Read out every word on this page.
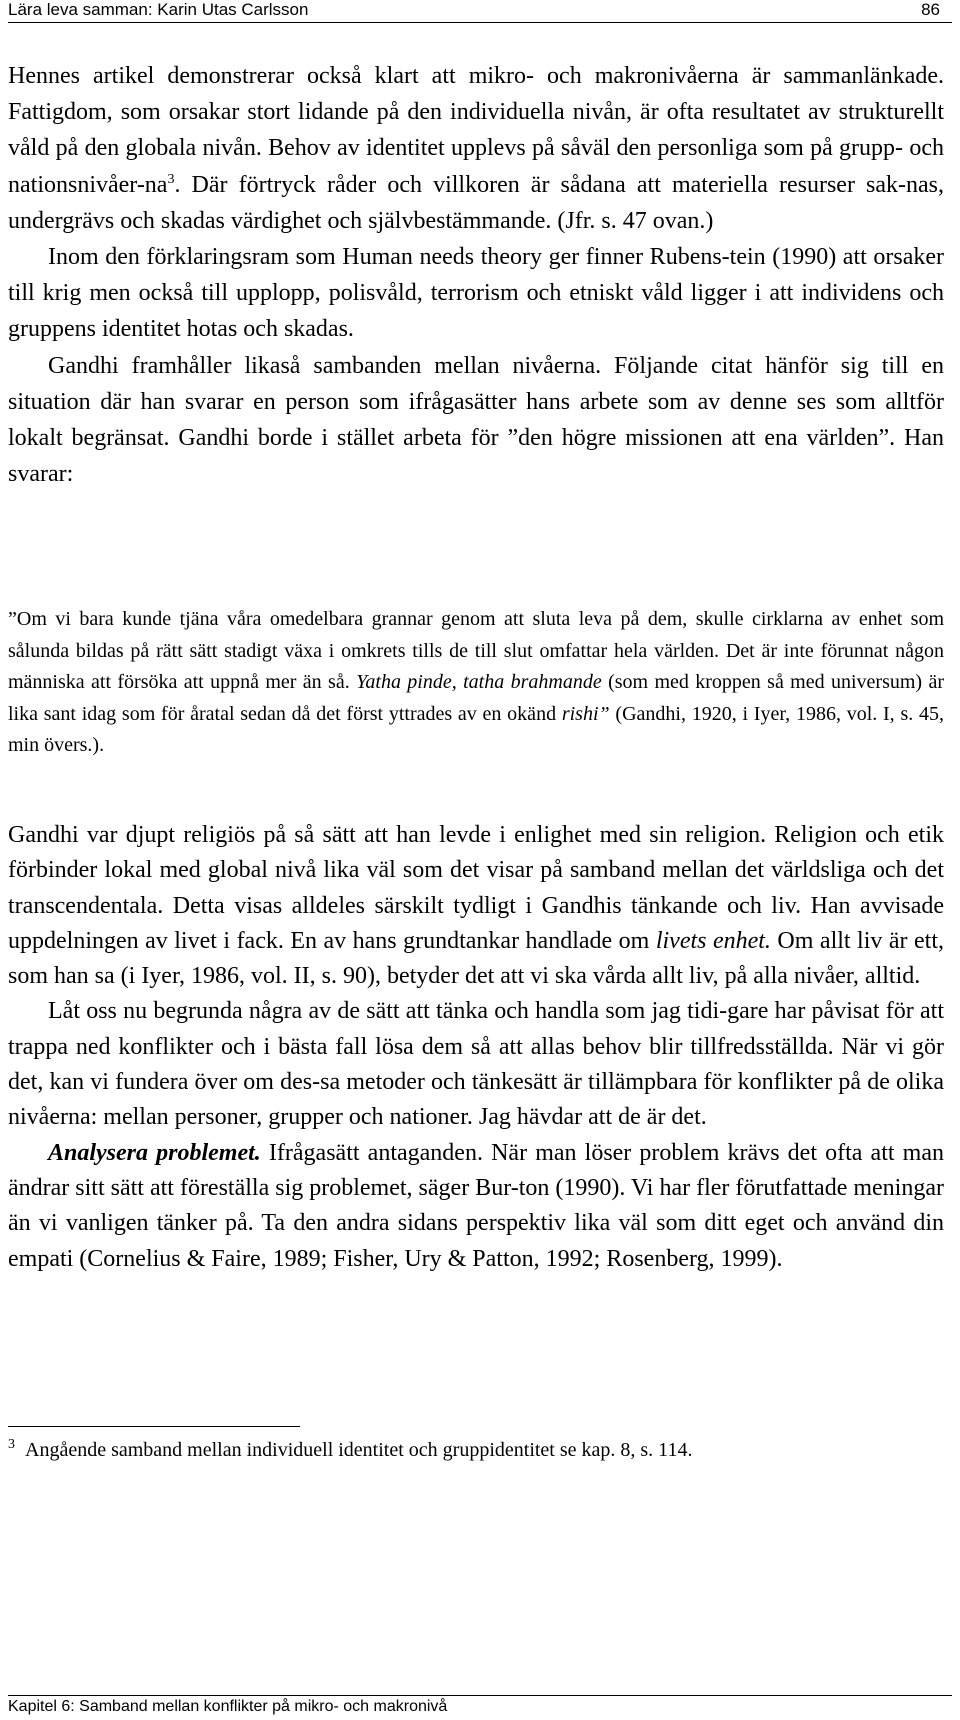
Lära leva samman: Karin Utas Carlsson	86

Hennes artikel demonstrerar också klart att mikro- och makronivåerna är sammanlänkade. Fattigdom, som orsakar stort lidande på den individuella nivån, är ofta resultatet av strukturellt våld på den globala nivån. Behov av identitet upplevs på såväl den personliga som på grupp- och nationsnivåer-$na^3$. Där förtryck råder och villkoren är sådana att materiella resurser sak-nas, undergrävs och skadas värdighet och självbestämmande. (Jfr. s. 47 ovan.)

Inom den förklaringsram som Human needs theory ger finner Rubens-tein (1990) att orsaker till krig men också till upplopp, polisvåld, terrorism och etniskt våld ligger i att individens och gruppens identitet hotas och skadas.

Gandhi framhåller likaså sambanden mellan nivåerna. Följande citat hänför sig till en situation där han svarar en person som ifrågasätter hans arbete som av denne ses som alltför lokalt begränsat. Gandhi borde i stället arbeta för ”den högre missionen att ena världen”. Han svarar:

”Om vi bara kunde tjäna våra omedelbara grannar genom att sluta leva på dem, skulle cirklarna av enhet som sålunda bildas på rätt sätt stadigt växa i omkrets tills de till slut omfattar hela världen. Det är inte förunnat någon människa att försöka att uppnå mer än så. Yatha pinde, tatha brahmande (som med kroppen så med universum) är lika sant idag som för åratal sedan då det först yttrades av en okänd rishi” (Gandhi, 1920, i Iyer, 1986, vol. I, s. 45, min övers.).

Gandhi var djupt religiös på så sätt att han levde i enlighet med sin religion. Religion och etik förbinder lokal med global nivå lika väl som det visar på samband mellan det världsliga och det transcendentala. Detta visas alldeles särskilt tydligt i Gandhis tänkande och liv. Han avvisade uppdelningen av livet i fack. En av hans grundtankar handlade om livets enhet. Om allt liv är ett, som han sa (i Iyer, 1986, vol. II, s. 90), betyder det att vi ska vårda allt liv, på alla nivåer, alltid.

Låt oss nu begrunda några av de sätt att tänka och handla som jag tidi-gare har påvisat för att trappa ned konflikter och i bästa fall lösa dem så att allas behov blir tillfredsställda. När vi gör det, kan vi fundera över om des-sa metoder och tänkesätt är tillämpbara för konflikter på de olika nivåerna: mellan personer, grupper och nationer. Jag hävdar att de är det.

Analysera problemet. Ifrågasätt antaganden. När man löser problem krävs det ofta att man ändrar sitt sätt att föreställa sig problemet, säger Bur-ton (1990). Vi har fler förutfattade meningar än vi vanligen tänker på. Ta den andra sidans perspektiv lika väl som ditt eget och använd din empati (Cornelius & Faire, 1989; Fisher, Ury & Patton, 1992; Rosenberg, 1999).

$^3$ Angående samband mellan individuell identitet och gruppidentitet se kap. 8, s. 114.
Kapitel 6: Samband mellan konflikter på mikro- och makronivå
